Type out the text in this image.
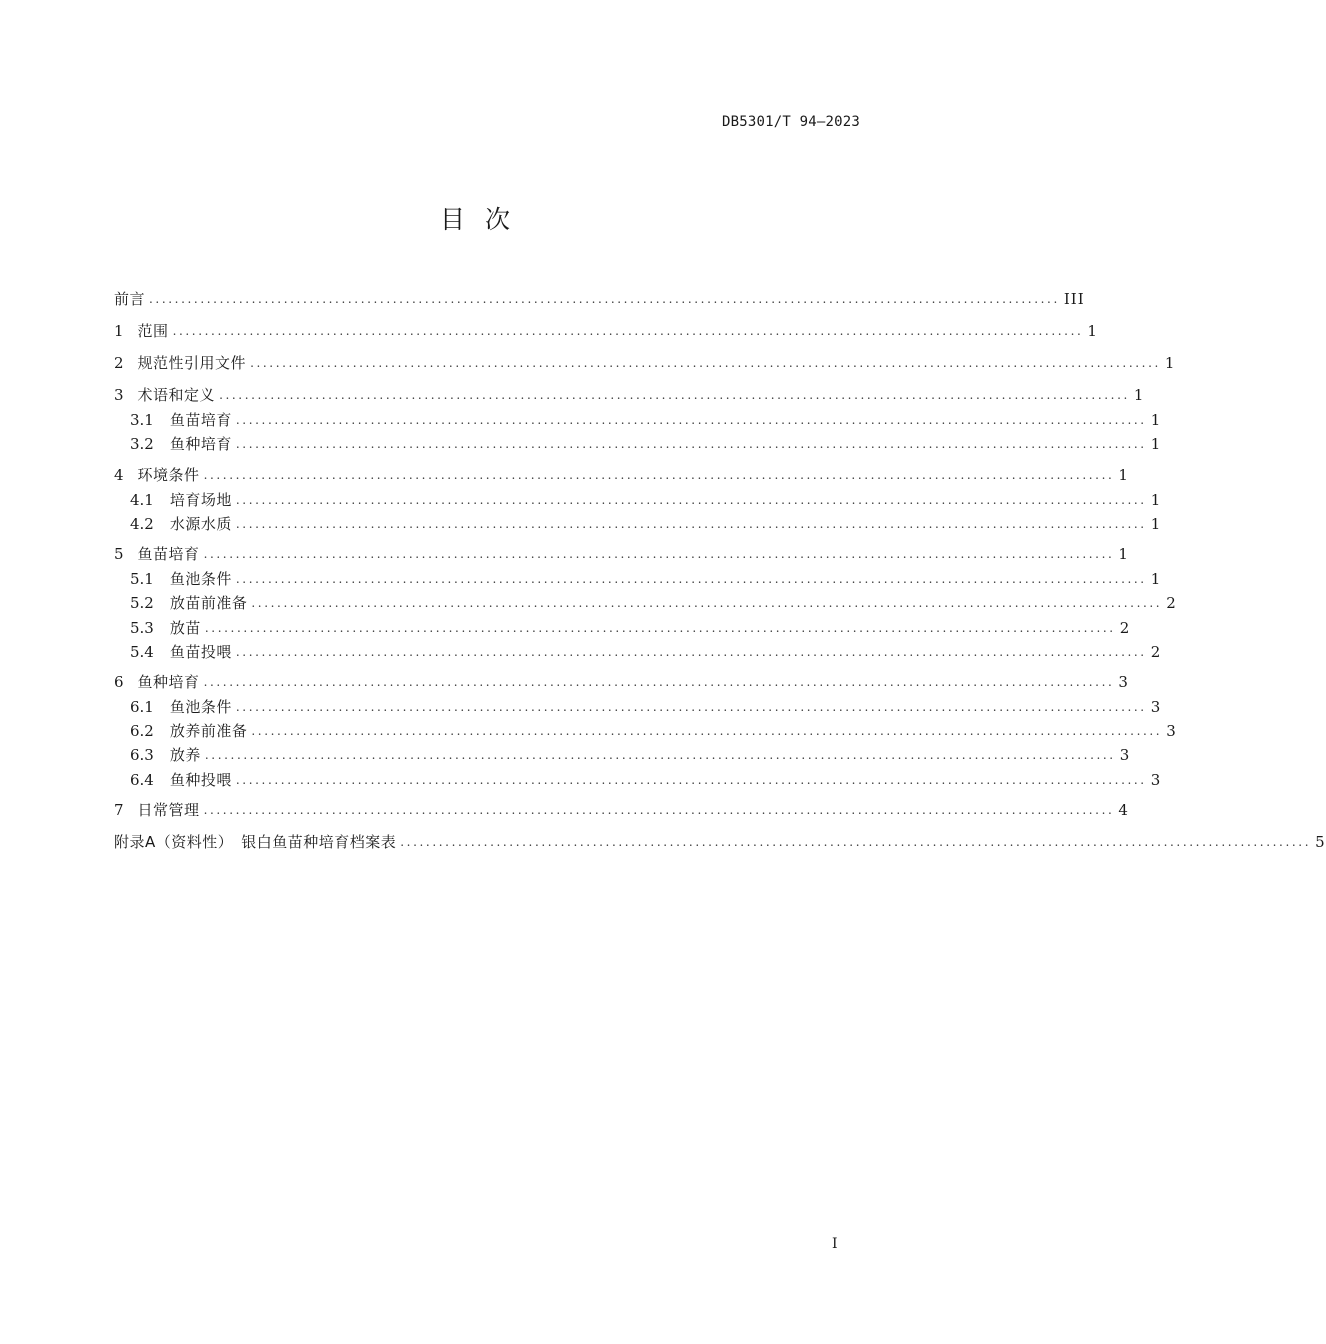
DB5301/T 94—2023
目 次
前言 .............................................................................................................................................. III
1 范围 .............................................................................................................................................. 1
2 规范性引用文件 .............................................................................................................................................. 1
3 术语和定义 .............................................................................................................................................. 1
3.1 鱼苗培育 .............................................................................................................................................. 1
3.2 鱼种培育 .............................................................................................................................................. 1
4 环境条件 .............................................................................................................................................. 1
4.1 培育场地 .............................................................................................................................................. 1
4.2 水源水质 .............................................................................................................................................. 1
5 鱼苗培育 .............................................................................................................................................. 1
5.1 鱼池条件 .............................................................................................................................................. 1
5.2 放苗前准备 .............................................................................................................................................. 2
5.3 放苗 .............................................................................................................................................. 2
5.4 鱼苗投喂 .............................................................................................................................................. 2
6 鱼种培育 .............................................................................................................................................. 3
6.1 鱼池条件 .............................................................................................................................................. 3
6.2 放养前准备 .............................................................................................................................................. 3
6.3 放养 .............................................................................................................................................. 3
6.4 鱼种投喂 .............................................................................................................................................. 3
7 日常管理 .............................................................................................................................................. 4
附录A（资料性）　银白鱼苗种培育档案表 .............................................................................................................................................. 5
I
